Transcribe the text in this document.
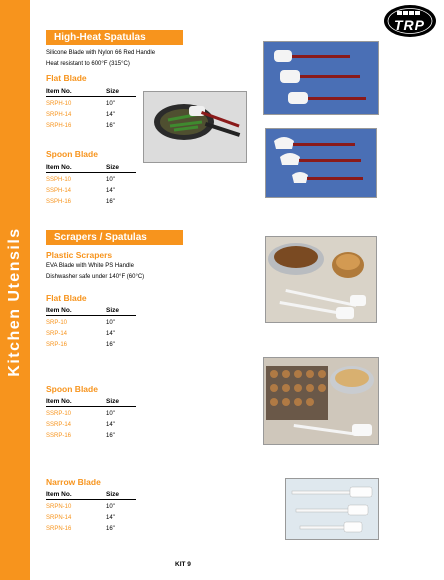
Kitchen Utensils
TRP
High-Heat Spatulas
Silicone Blade with Nylon 66 Red Handle
Heat resistant to 600°F (315°C)
Flat Blade
Item No.	Size
SRPH-10	10"
SRPH-14	14"
SRPH-16	16"
Spoon Blade
Item No.	Size
SSPH-10	10"
SSPH-14	14"
SSPH-16	16"
Scrapers / Spatulas
Plastic Scrapers
EVA Blade with White PS Handle
Dishwasher safe under 140°F (60°C)
Flat Blade
Item No.	Size
SRP-10	10"
SRP-14	14"
SRP-16	16"
Spoon Blade
Item No.	Size
SSRP-10	10"
SSRP-14	14"
SSRP-16	16"
Narrow Blade
Item No.	Size
SRPN-10	10"
SRPN-14	14"
SRPN-16	16"
KIT 9
